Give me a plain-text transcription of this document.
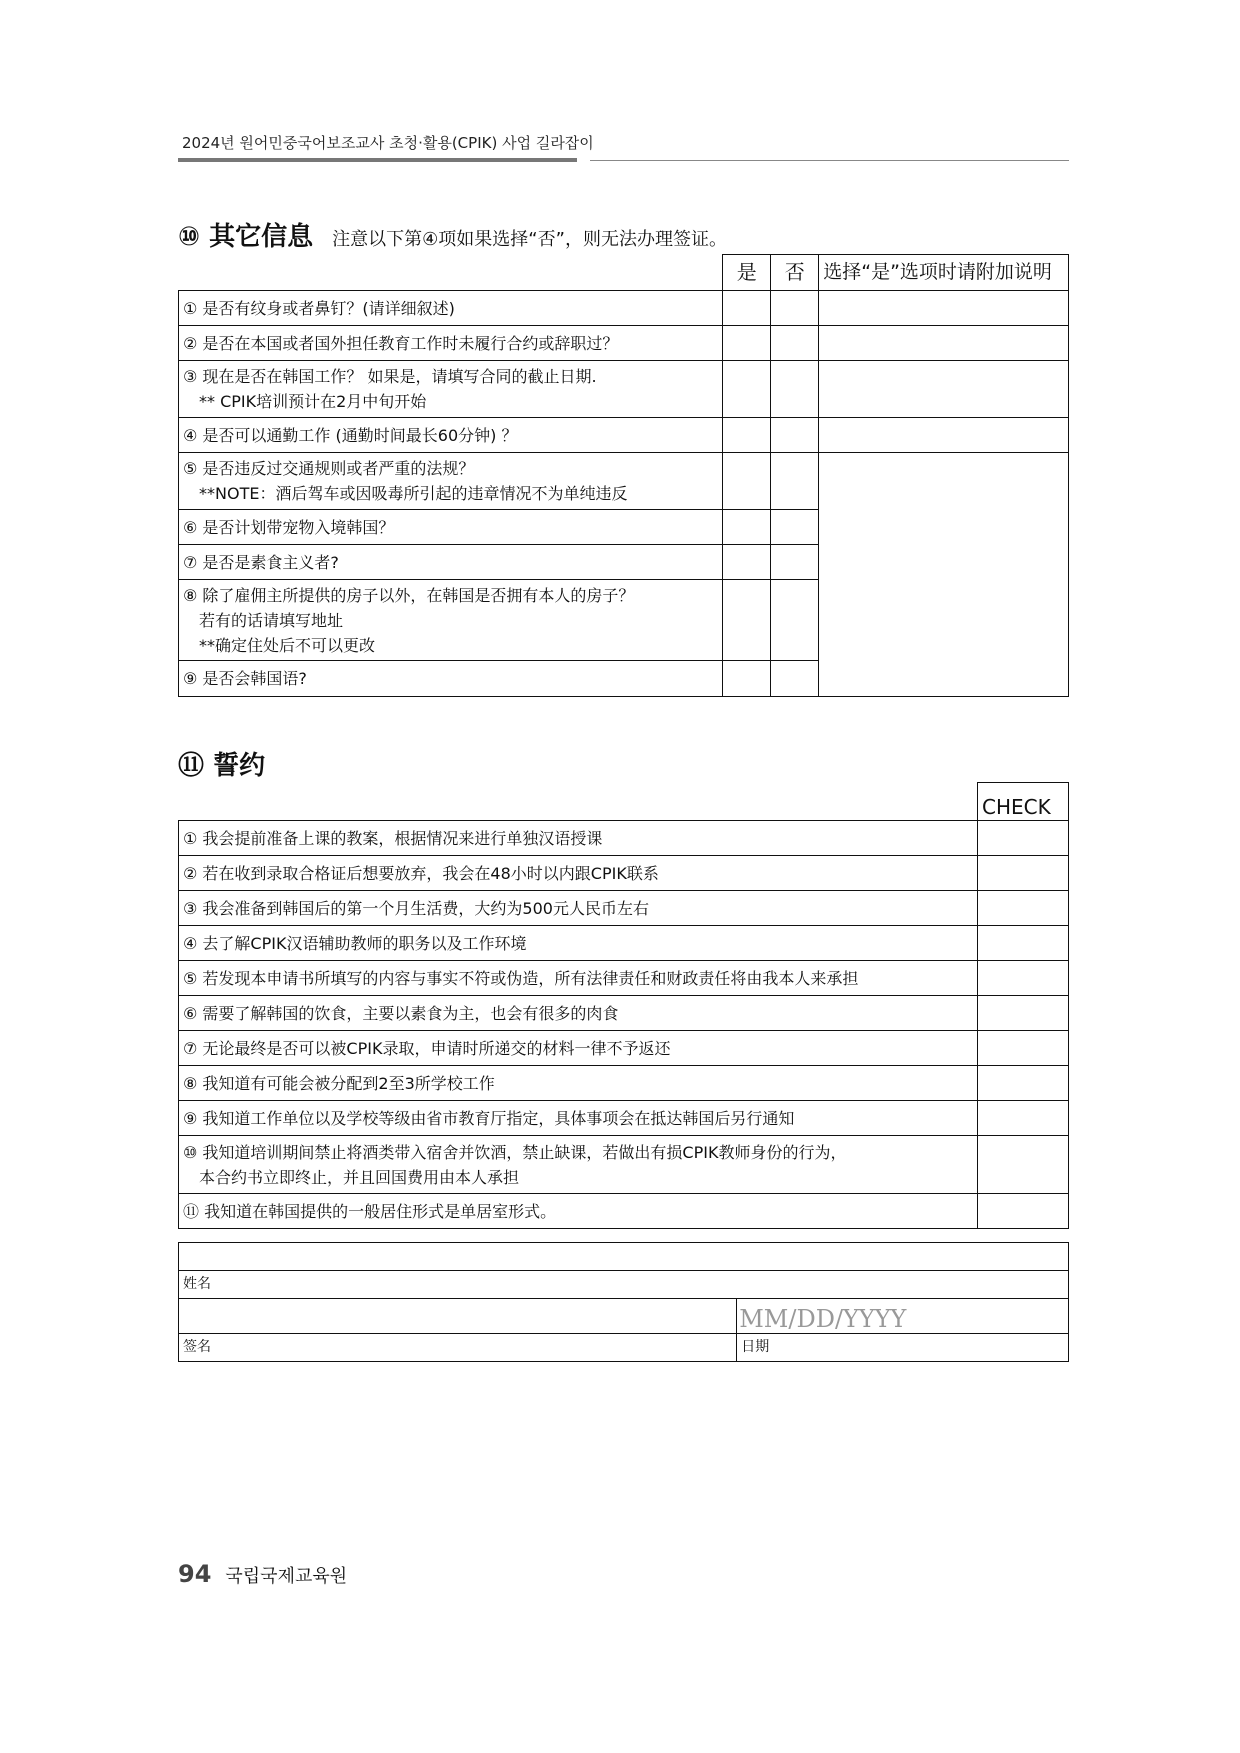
2024년 원어민중국어보조교사 초청·활용(CPIK) 사업 길라잡이
⑩ 其它信息 注意以下第④项如果选择“否”，则无法办理签证。
	是	否	选择“是”选项时请附加说明

① 是否有纹身或者鼻钉？(请详细叙述)			

② 是否在本国或者国外担任教育工作时未履行合约或辞职过？			

③ 现在是否在韩国工作？ 如果是，请填写合同的截止日期.
** CPIK培训预计在2月中旬开始			

④ 是否可以通勤工作 (通勤时间最长60分钟) ？			

⑤ 是否违反过交通规则或者严重的法规？
**NOTE：酒后驾车或因吸毒所引起的违章情况不为单纯违反			

⑥ 是否计划带宠物入境韩国？			

⑦ 是否是素食主义者?			

⑧ 除了雇佣主所提供的房子以外，在韩国是否拥有本人的房子？
若有的话请填写地址
**确定住处后不可以更改			

⑨ 是否会韩国语?			

⑪ 誓约
	CHECK

① 我会提前准备上课的教案，根据情况来进行单独汉语授课	

② 若在收到录取合格证后想要放弃，我会在48小时以内跟CPIK联系	

③ 我会准备到韩国后的第一个月生活费，大约为500元人民币左右	

④ 去了解CPIK汉语辅助教师的职务以及工作环境	

⑤ 若发现本申请书所填写的内容与事实不符或伪造，所有法律责任和财政责任将由我本人来承担	

⑥ 需要了解韩国的饮食，主要以素食为主，也会有很多的肉食	

⑦ 无论最终是否可以被CPIK录取，申请时所递交的材料一律不予返还	

⑧ 我知道有可能会被分配到2至3所学校工作	

⑨ 我知道工作单位以及学校等级由省市教育厅指定，具体事项会在抵达韩国后另行通知	

⑩ 我知道培训期间禁止将酒类带入宿舍并饮酒，禁止缺课，若做出有损CPIK教师身份的行为，
本合约书立即终止，并且回国费用由本人承担	

⑪ 我知道在韩国提供的一般居住形式是单居室形式。	

姓名	
	MM/DD/YYYY
签名	日期
94 국립국제교육원
